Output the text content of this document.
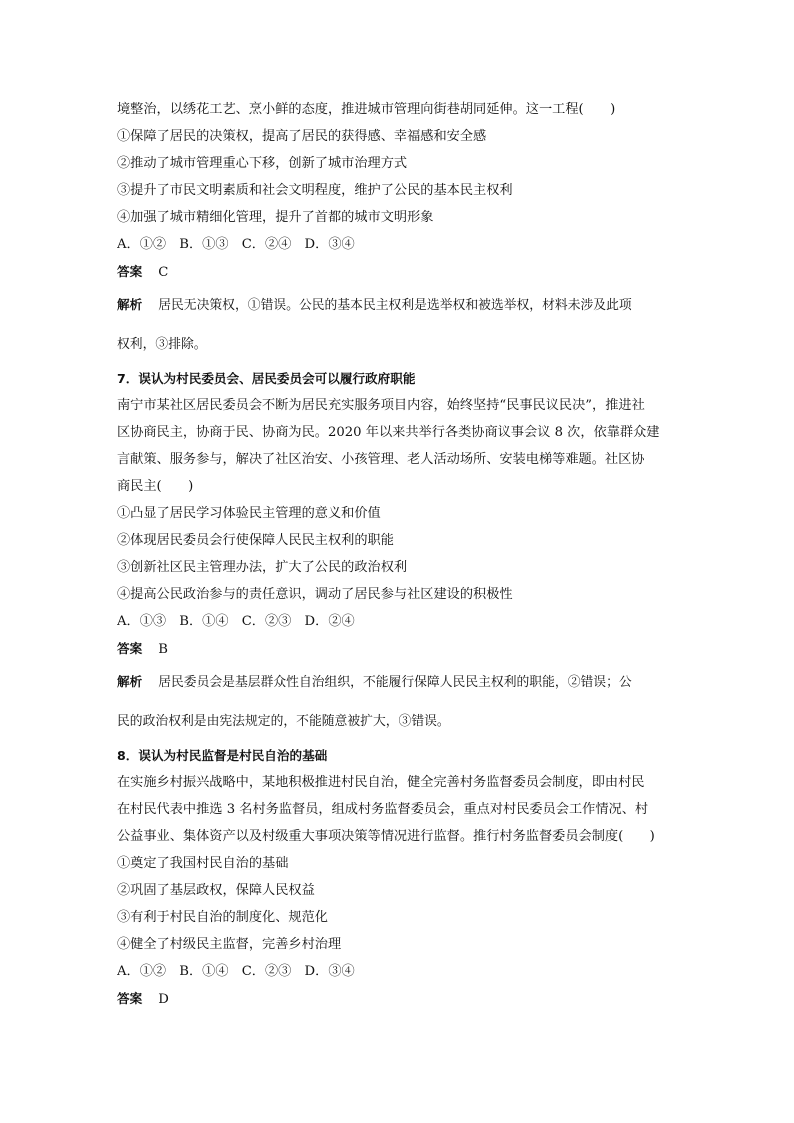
境整治，以绣花工艺、烹小鲜的态度，推进城市管理向街巷胡同延伸。这一工程(　　)
①保障了居民的决策权，提高了居民的获得感、幸福感和安全感
②推动了城市管理重心下移，创新了城市治理方式
③提升了市民文明素质和社会文明程度，维护了公民的基本民主权利
④加强了城市精细化管理，提升了首都的城市文明形象
A．①②　B．①③　C．②④　D．③④
答案 C
解析 居民无决策权，①错误。公民的基本民主权利是选举权和被选举权，材料未涉及此项
权利，③排除。
7．误认为村民委员会、居民委员会可以履行政府职能
南宁市某社区居民委员会不断为居民充实服务项目内容，始终坚持“民事民议民决”，推进社
区协商民主，协商于民、协商为民。2020 年以来共举行各类协商议事会议 8 次，依靠群众建
言献策、服务参与，解决了社区治安、小孩管理、老人活动场所、安装电梯等难题。社区协
商民主(　　)
①凸显了居民学习体验民主管理的意义和价值
②体现居民委员会行使保障人民民主权利的职能
③创新社区民主管理办法，扩大了公民的政治权利
④提高公民政治参与的责任意识，调动了居民参与社区建设的积极性
A．①③　B．①④　C．②③　D．②④
答案 B
解析 居民委员会是基层群众性自治组织，不能履行保障人民民主权利的职能，②错误；公
民的政治权利是由宪法规定的，不能随意被扩大，③错误。
8．误认为村民监督是村民自治的基础
在实施乡村振兴战略中，某地积极推进村民自治，健全完善村务监督委员会制度，即由村民
在村民代表中推选 3 名村务监督员，组成村务监督委员会，重点对村民委员会工作情况、村
公益事业、集体资产以及村级重大事项决策等情况进行监督。推行村务监督委员会制度(　　)
①奠定了我国村民自治的基础
②巩固了基层政权，保障人民权益
③有利于村民自治的制度化、规范化
④健全了村级民主监督，完善乡村治理
A．①②　B．①④　C．②③　D．③④
答案 D
